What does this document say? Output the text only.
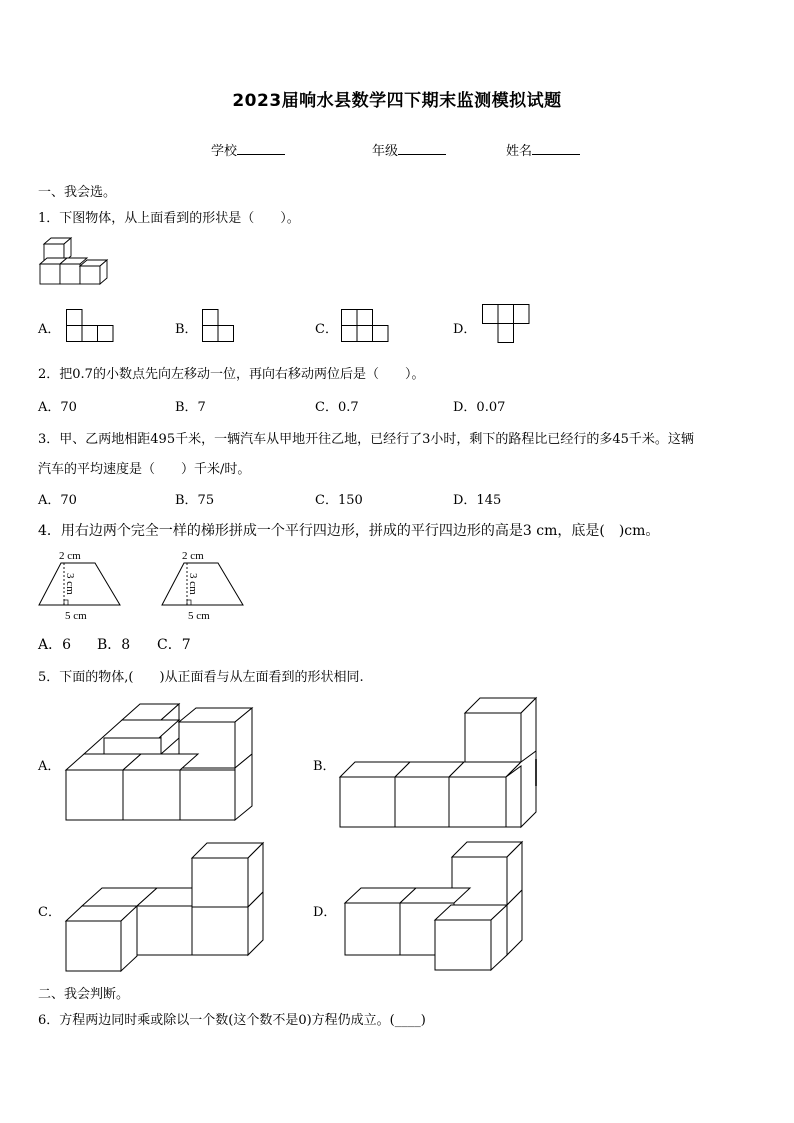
2023届响水县数学四下期末监测模拟试题
学校	年级	姓名
一、我会选。
1．下图物体，从上面看到的形状是（　　）。
A．	B．	C．	D．
2．把0.7的小数点先向左移动一位，再向右移动两位后是（　　）。
A．70	B．7	C．0.7	D．0.07
3．甲、乙两地相距495千米，一辆汽车从甲地开往乙地，已经行了3小时，剩下的路程比已经行的多45千米。这辆
汽车的平均速度是（　　）千米/时。
A．70	B．75	C．150	D．145
4．用右边两个完全一样的梯形拼成一个平行四边形，拼成的平行四边形的高是3 cm，底是(　)cm。
2 cm
3 cm
5 cm
2 cm
3 cm
5 cm
A．6 B．8 C．7
5．下面的物体,(　　)从正面看与从左面看到的形状相同.
A．	B．
C．	D．
二、我会判断。
6．方程两边同时乘或除以一个数(这个数不是0)方程仍成立。(____)
